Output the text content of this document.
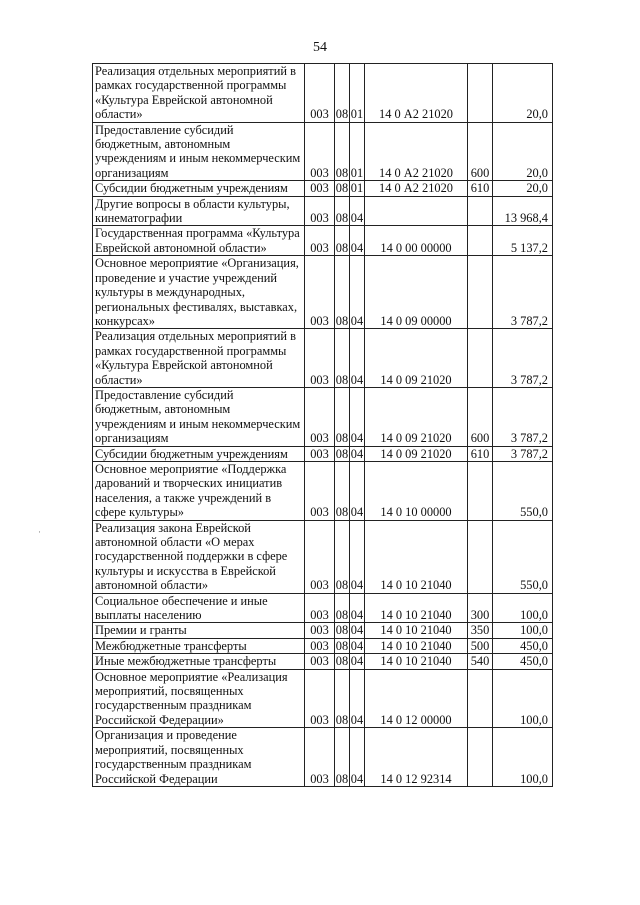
54
·
Реализация отдельных мероприятий в рамках государственной программы «Культура Еврейской автономной области»	003	08	01	14 0 А2 21020		20,0
Предоставление субсидий бюджетным, автономным учреждениям и иным некоммерческим организациям	003	08	01	14 0 А2 21020	600	20,0
Субсидии бюджетным учреждениям	003	08	01	14 0 А2 21020	610	20,0
Другие вопросы в области культуры, кинематографии	003	08	04			13 968,4
Государственная программа «Культура Еврейской автономной области»	003	08	04	14 0 00 00000		5 137,2
Основное мероприятие «Организация, проведение и участие учреждений культуры в международных, региональных фестивалях, выставках, конкурсах»	003	08	04	14 0 09 00000		3 787,2
Реализация отдельных мероприятий в рамках государственной программы «Культура Еврейской автономной области»	003	08	04	14 0 09 21020		3 787,2
Предоставление субсидий бюджетным, автономным учреждениям и иным некоммерческим организациям	003	08	04	14 0 09 21020	600	3 787,2
Субсидии бюджетным учреждениям	003	08	04	14 0 09 21020	610	3 787,2
Основное мероприятие «Поддержка дарований и творческих инициатив населения, а также учреждений в сфере культуры»	003	08	04	14 0 10 00000		550,0
Реализация закона Еврейской автономной области «О мерах государственной поддержки в сфере культуры и искусства в Еврейской автономной области»	003	08	04	14 0 10 21040		550,0
Социальное обеспечение и иные выплаты населению	003	08	04	14 0 10 21040	300	100,0
Премии и гранты	003	08	04	14 0 10 21040	350	100,0
Межбюджетные трансферты	003	08	04	14 0 10 21040	500	450,0
Иные межбюджетные трансферты	003	08	04	14 0 10 21040	540	450,0
Основное мероприятие «Реализация мероприятий, посвященных государственным праздникам Российской Федерации»	003	08	04	14 0 12 00000		100,0
Организация и проведение мероприятий, посвященных государственным праздникам Российской Федерации	003	08	04	14 0 12 92314		100,0
